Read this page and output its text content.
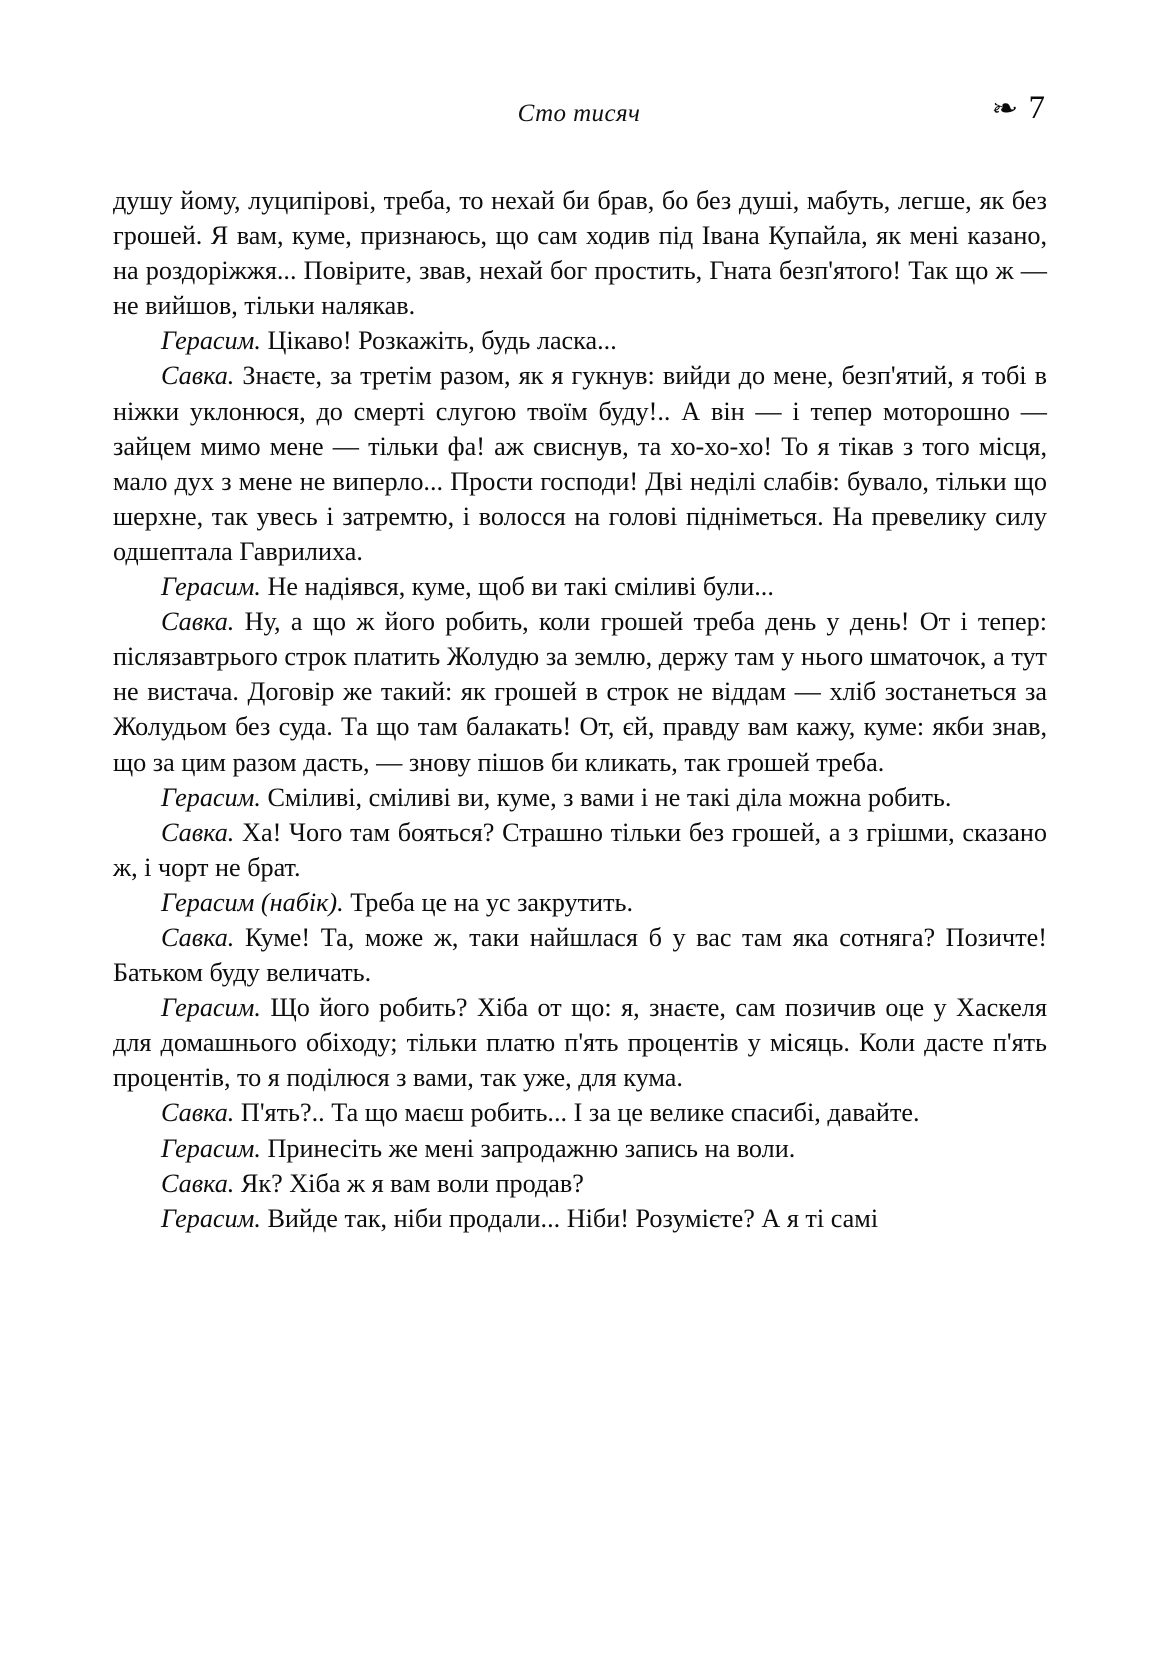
Сто тисяч	❧ 7

душу йому, луципірові, треба, то нехай би брав, бо без душі, мабуть, легше, як без грошей. Я вам, куме, признаюсь, що сам ходив під Івана Купайла, як мені казано, на роздоріжжя... Повірите, звав, нехай бог простить, Гната безп'ятого! Так що ж — не вийшов, тільки налякав.

Герасим. Цікаво! Розкажіть, будь ласка...

Савка. Знаєте, за третім разом, як я гукнув: вийди до мене, безп'ятий, я тобі в ніжки уклонюся, до смерті слугою твоїм буду!.. А він — і тепер моторошно — зайцем мимо мене — тільки фа! аж свиснув, та хо-хо-хо! То я тікав з того місця, мало дух з мене не виперло... Прости господи! Дві неділі слабів: бувало, тільки що шерхне, так увесь і затремтю, і волосся на голові підніметься. На превелику силу одшептала Гаврилиха.

Герасим. Не надіявся, куме, щоб ви такі сміливі були...

Савка. Ну, а що ж його робить, коли грошей треба день у день! От і тепер: післязавтрього строк платить Жолудю за землю, держу там у нього шматочок, а тут не вистача. Договір же такий: як грошей в строк не віддам — хліб зостанеться за Жолудьом без суда. Та що там балакать! От, єй, правду вам кажу, куме: якби знав, що за цим разом дасть, — знову пішов би кликать, так грошей треба.

Герасим. Сміливі, сміливі ви, куме, з вами і не такі діла можна робить.

Савка. Ха! Чого там бояться? Страшно тільки без грошей, а з грішми, сказано ж, і чорт не брат.

Герасим (набік). Треба це на ус закрутить.

Савка. Куме! Та, може ж, таки найшлася б у вас там яка сотняга? Позичте! Батьком буду величать.

Герасим. Що його робить? Хіба от що: я, знаєте, сам позичив оце у Хаскеля для домашнього обіходу; тільки платю п'ять процентів у місяць. Коли дасте п'ять процентів, то я поділюся з вами, так уже, для кума.

Савка. П'ять?.. Та що маєш робить... І за це велике спасибі, давайте.

Герасим. Принесіть же мені запродажню запись на воли.

Савка. Як? Хіба ж я вам воли продав?

Герасим. Вийде так, ніби продали... Ніби! Розумієте? А я ті самі
